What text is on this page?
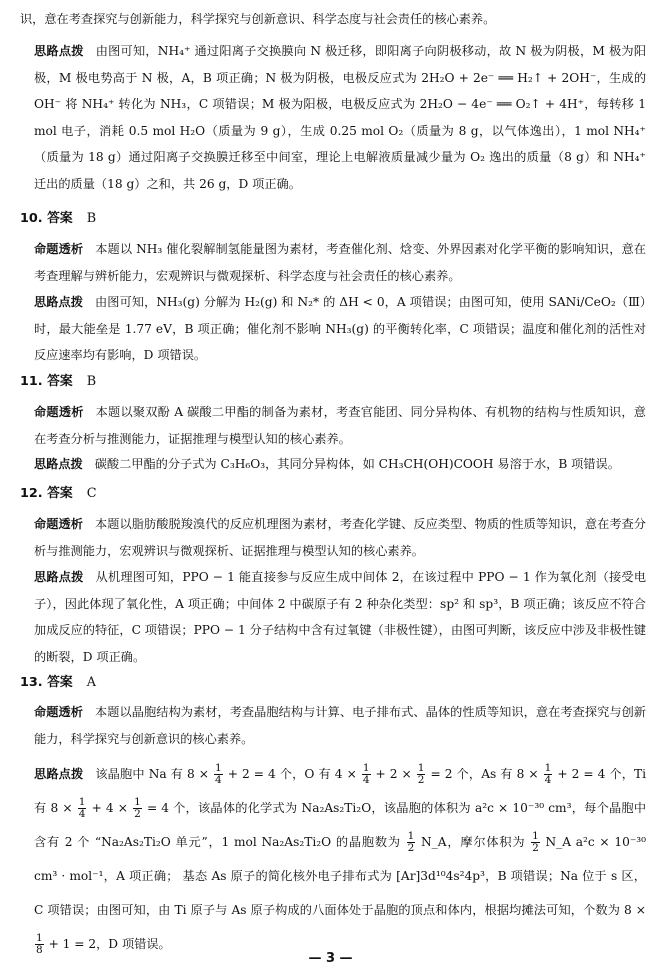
识，意在考查探究与创新能力，科学探究与创新意识、科学态度与社会责任的核心素养。

思路点拨 由图可知，NH₄⁺ 通过阳离子交换膜向 N 极迁移，即阳离子向阴极移动，故 N 极为阴极，M 极为阳极，M 极电势高于 N 极，A，B 项正确；N 极为阴极，电极反应式为 2H₂O + 2e⁻ ══ H₂↑ + 2OH⁻，生成的 OH⁻ 将 NH₄⁺ 转化为 NH₃，C 项错误；M 极为阳极，电极反应式为 2H₂O − 4e⁻ ══ O₂↑ + 4H⁺，每转移 1 mol 电子，消耗 0.5 mol H₂O（质量为 9 g），生成 0.25 mol O₂（质量为 8 g，以气体逸出），1 mol NH₄⁺（质量为 18 g）通过阳离子交换膜迁移至中间室，理论上电解液质量减少量为 O₂ 逸出的质量（8 g）和 NH₄⁺ 迁出的质量（18 g）之和，共 26 g，D 项正确。

10. 答案 B

命题透析 本题以 NH₃ 催化裂解制氢能量图为素材，考查催化剂、焓变、外界因素对化学平衡的影响知识，意在考查理解与辨析能力，宏观辨识与微观探析、科学态度与社会责任的核心素养。

思路点拨 由图可知，NH₃(g) 分解为 H₂(g) 和 N₂* 的 ΔH < 0，A 项错误；由图可知，使用 SANi/CeO₂（Ⅲ）时，最大能垒是 1.77 eV，B 项正确；催化剂不影响 NH₃(g) 的平衡转化率，C 项错误；温度和催化剂的活性对反应速率均有影响，D 项错误。

11. 答案 B

命题透析 本题以聚双酚 A 碳酸二甲酯的制备为素材，考查官能团、同分异构体、有机物的结构与性质知识，意在考查分析与推测能力，证据推理与模型认知的核心素养。

思路点拨 碳酸二甲酯的分子式为 C₃H₆O₃，其同分异构体，如 CH₃CH(OH)COOH 易溶于水，B 项错误。

12. 答案 C

命题透析 本题以脂肪酸脱羧溴代的反应机理图为素材，考查化学键、反应类型、物质的性质等知识，意在考查分析与推测能力，宏观辨识与微观探析、证据推理与模型认知的核心素养。

思路点拨 从机理图可知，PPO − 1 能直接参与反应生成中间体 2，在该过程中 PPO − 1 作为氧化剂（接受电子），因此体现了氧化性，A 项正确；中间体 2 中碳原子有 2 种杂化类型：sp² 和 sp³，B 项正确；该反应不符合加成反应的特征，C 项错误；PPO − 1 分子结构中含有过氧键（非极性键），由图可判断，该反应中涉及非极性键的断裂，D 项正确。

13. 答案 A

命题透析 本题以晶胞结构为素材，考查晶胞结构与计算、电子排布式、晶体的性质等知识，意在考查探究与创新能力，科学探究与创新意识的核心素养。

思路点拨 该晶胞中 Na 有 $8 \times \frac{1}{4} + 2 = 4$ 个，O 有 $4 \times \frac{1}{4} + 2 \times \frac{1}{2} = 2$ 个，As 有 $8 \times \frac{1}{4} + 2 = 4$ 个，Ti 有 $8 \times \frac{1}{4} + 4 \times \frac{1}{2} = 4$ 个，该晶体的化学式为 Na₂As₂Ti₂O，该晶胞的体积为 a²c × 10⁻³⁰ cm³，每个晶胞中含有 2 个 “Na₂As₂Ti₂O 单元”，1 mol Na₂As₂Ti₂O 的晶胞数为 $\frac{1}{2}$ N_A，摩尔体积为 $\frac{1}{2}$ N_A a²c × 10⁻³⁰ cm³ · mol⁻¹，A 项正确； 基态 As 原子的简化核外电子排布式为 [Ar]3d¹⁰4s²4p³，B 项错误；Na 位于 s 区，C 项错误；由图可知，由 Ti 原子与 As 原子构成的八面体处于晶胞的顶点和体内，根据均摊法可知，个数为 8 ×
$\frac{1}{8} + 1 = 2$，D 项错误。
— 3 —
